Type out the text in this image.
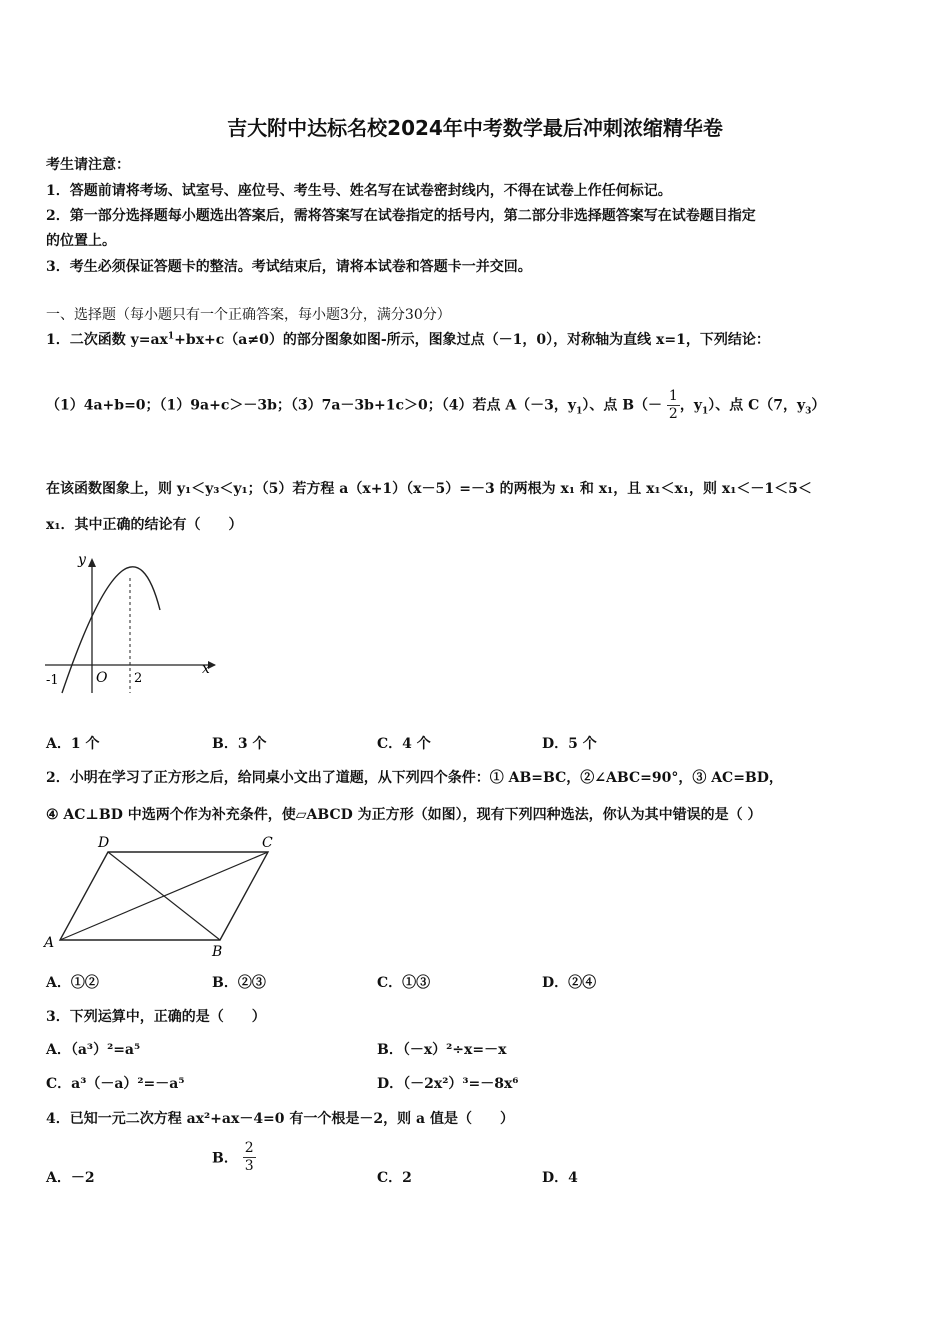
吉大附中达标名校2024年中考数学最后冲刺浓缩精华卷
考生请注意：
1．答题前请将考场、试室号、座位号、考生号、姓名写在试卷密封线内，不得在试卷上作任何标记。
2．第一部分选择题每小题选出答案后，需将答案写在试卷指定的括号内，第二部分非选择题答案写在试卷题目指定
的位置上。
3．考生必须保证答题卡的整洁。考试结束后，请将本试卷和答题卡一并交回。
一、选择题（每小题只有一个正确答案，每小题3分，满分30分）
1．二次函数 $y=ax^1+bx+c(a\ne 0)$的部分图象如图-所示，图象过点（－1，0），对称轴为直线 x=1，下列结论：
（1）4a+b=0；（1）9a+c＞－3b；（3）7a－3b+1c＞0；（4）若点 A（－3，$y_1$）、点 $B(- \frac{1}{2}$ ，$y_1$）、点 C（7，$y_3$）
在该函数图象上，则 y₁＜y₃＜y₁；（5）若方程 a（x+1）（x－5）=－3 的两根为 x₁ 和 x₁，且 x₁＜x₁，则 x₁＜－1＜5＜
x₁．其中正确的结论有（　　）
y
x
O
-1	2
A．1 个	B．3 个	C．4 个	D．5 个
2．小明在学习了正方形之后，给同桌小文出了道题，从下列四个条件：① AB=BC，②∠ABC=90°，③ AC=BD，
④ AC⊥BD 中选两个作为补充条件，使▱ABCD 为正方形（如图），现有下列四种选法，你认为其中错误的是（ ）
A
B
C
D
A．①②	B．②③	C．①③	D．②④
3．下列运算中，正确的是（　　）
A．（a³）²=a⁵	B．（－x）²÷x=－x
C．a³（－a）²=－a⁵	D．（－2x²）³=－8x⁶
4．已知一元二次方程 ax²+ax－4=0 有一个根是－2，则 a 值是（　　）
A．－2
B． $\frac{2}{3}$
C．2	D．4
